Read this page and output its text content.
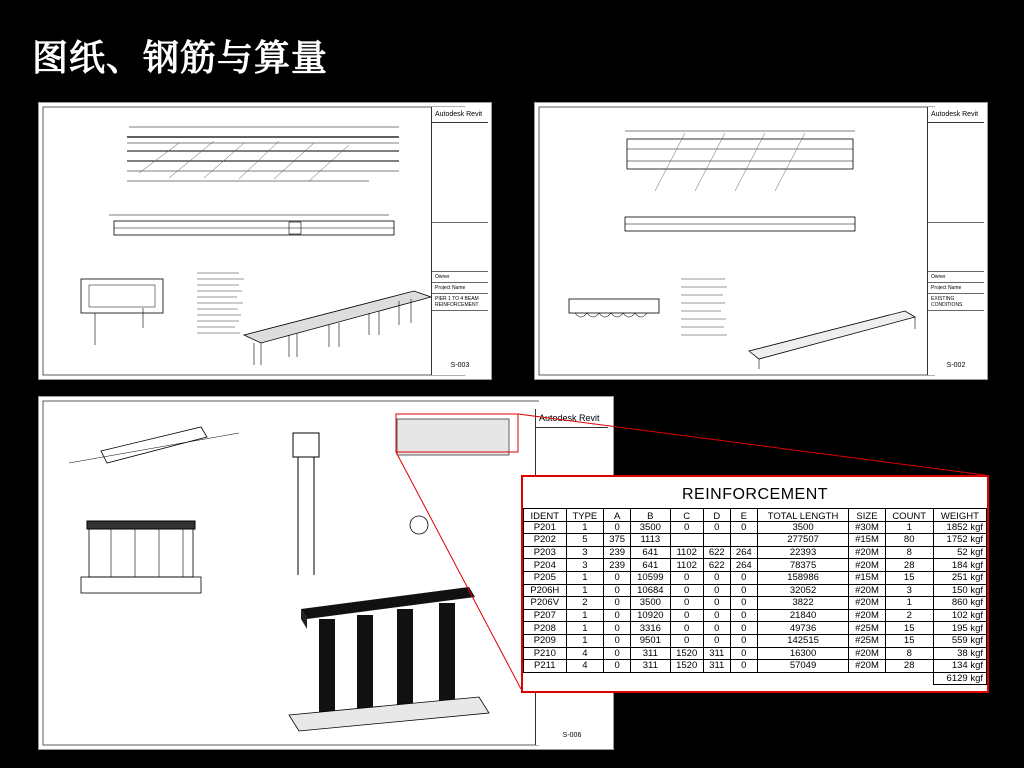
图纸、钢筋与算量
Autodesk Revit
Owner
Project Name
PIER 1 TO 4 BEAM REINFORCEMENT
S-003
Autodesk Revit
Owner
Project Name
EXISTING CONDITIONS
S-002
Autodesk Revit
S-006
REINFORCEMENT
IDENT	TYPE	A	B	C	D	E	TOTAL LENGTH	SIZE	COUNT	WEIGHT
P201	1	0	3500	0	0	0	3500	#30M	1	1852 kgf
P202	5	375	1113				277507	#15M	80	1752 kgf
P203	3	239	641	1102	622	264	22393	#20M	8	52 kgf
P204	3	239	641	1102	622	264	78375	#20M	28	184 kgf
P205	1	0	10599	0	0	0	158986	#15M	15	251 kgf
P206H	1	0	10684	0	0	0	32052	#20M	3	150 kgf
P206V	2	0	3500	0	0	0	3822	#20M	1	860 kgf
P207	1	0	10920	0	0	0	21840	#20M	2	102 kgf
P208	1	0	3316	0	0	0	49736	#25M	15	195 kgf
P209	1	0	9501	0	0	0	142515	#25M	15	559 kgf
P210	4	0	311	1520	311	0	16300	#20M	8	38 kgf
P211	4	0	311	1520	311	0	57049	#20M	28	134 kgf
										6129 kgf
